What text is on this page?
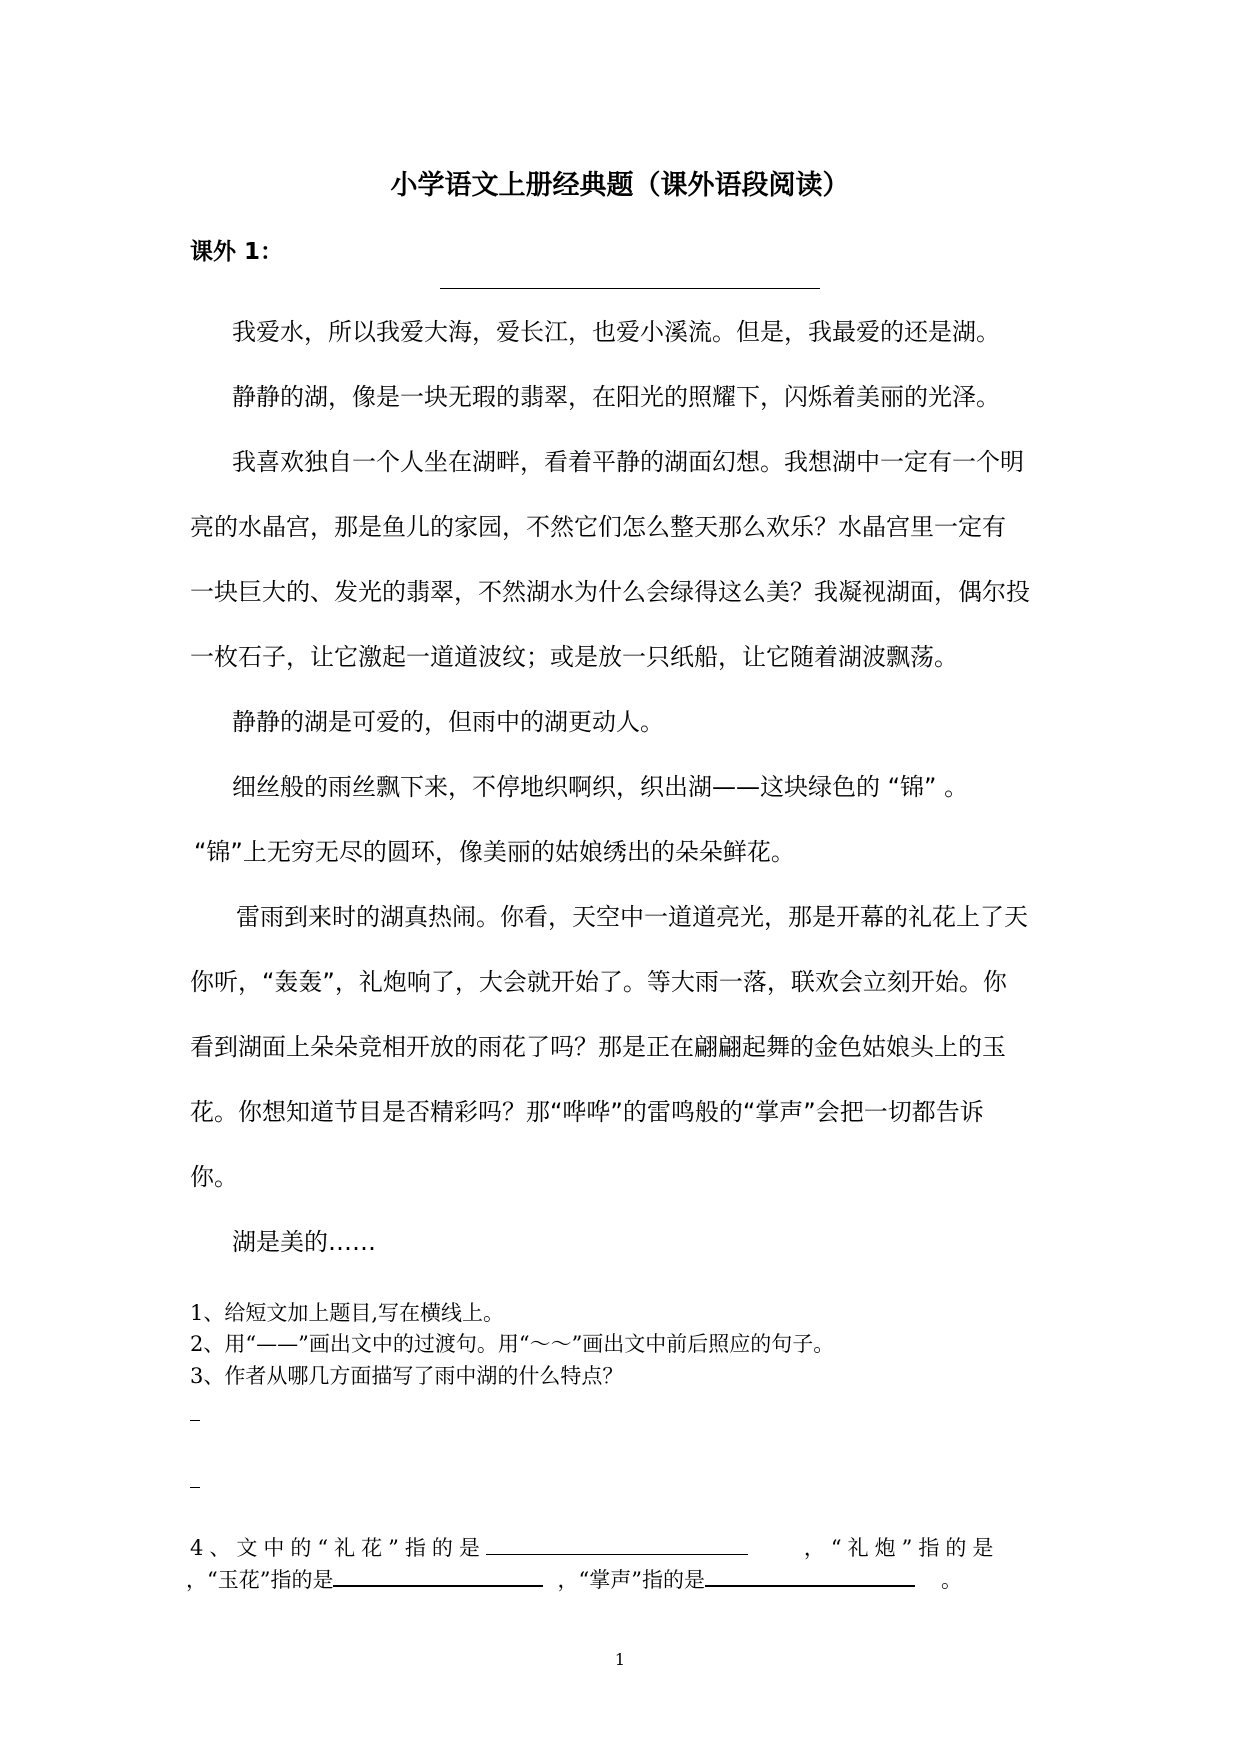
小学语文上册经典题（课外语段阅读）
课外 1：
我爱水，所以我爱大海，爱长江，也爱小溪流。但是，我最爱的还是湖。
静静的湖，像是一块无瑕的翡翠，在阳光的照耀下，闪烁着美丽的光泽。
我喜欢独自一个人坐在湖畔，看着平静的湖面幻想。我想湖中一定有一个明
亮的水晶宫，那是鱼儿的家园，不然它们怎么整天那么欢乐？水晶宫里一定有
一块巨大的、发光的翡翠，不然湖水为什么会绿得这么美？我凝视湖面，偶尔投
一枚石子，让它激起一道道波纹；或是放一只纸船，让它随着湖波飘荡。
静静的湖是可爱的，但雨中的湖更动人。
细丝般的雨丝飘下来，不停地织啊织，织出湖——这块绿色的 “锦” 。
“锦”上无穷无尽的圆环，像美丽的姑娘绣出的朵朵鲜花。
雷雨到来时的湖真热闹。你看，天空中一道道亮光，那是开幕的礼花上了天
你听，“轰轰”，礼炮响了，大会就开始了。等大雨一落，联欢会立刻开始。你
看到湖面上朵朵竞相开放的雨花了吗？那是正在翩翩起舞的金色姑娘头上的玉
花。你想知道节目是否精彩吗？那“哗哗”的雷鸣般的“掌声”会把一切都告诉
你。
湖是美的……
1、给短文加上题目,写在横线上。
2、用“——”画出文中的过渡句。用“～～”画出文中前后照应的句子。
3、作者从哪几方面描写了雨中湖的什么特点？
4、文中的“礼花”指的是	，“礼炮”指的是
，“玉花”指的是	，“掌声”指的是	。
1
